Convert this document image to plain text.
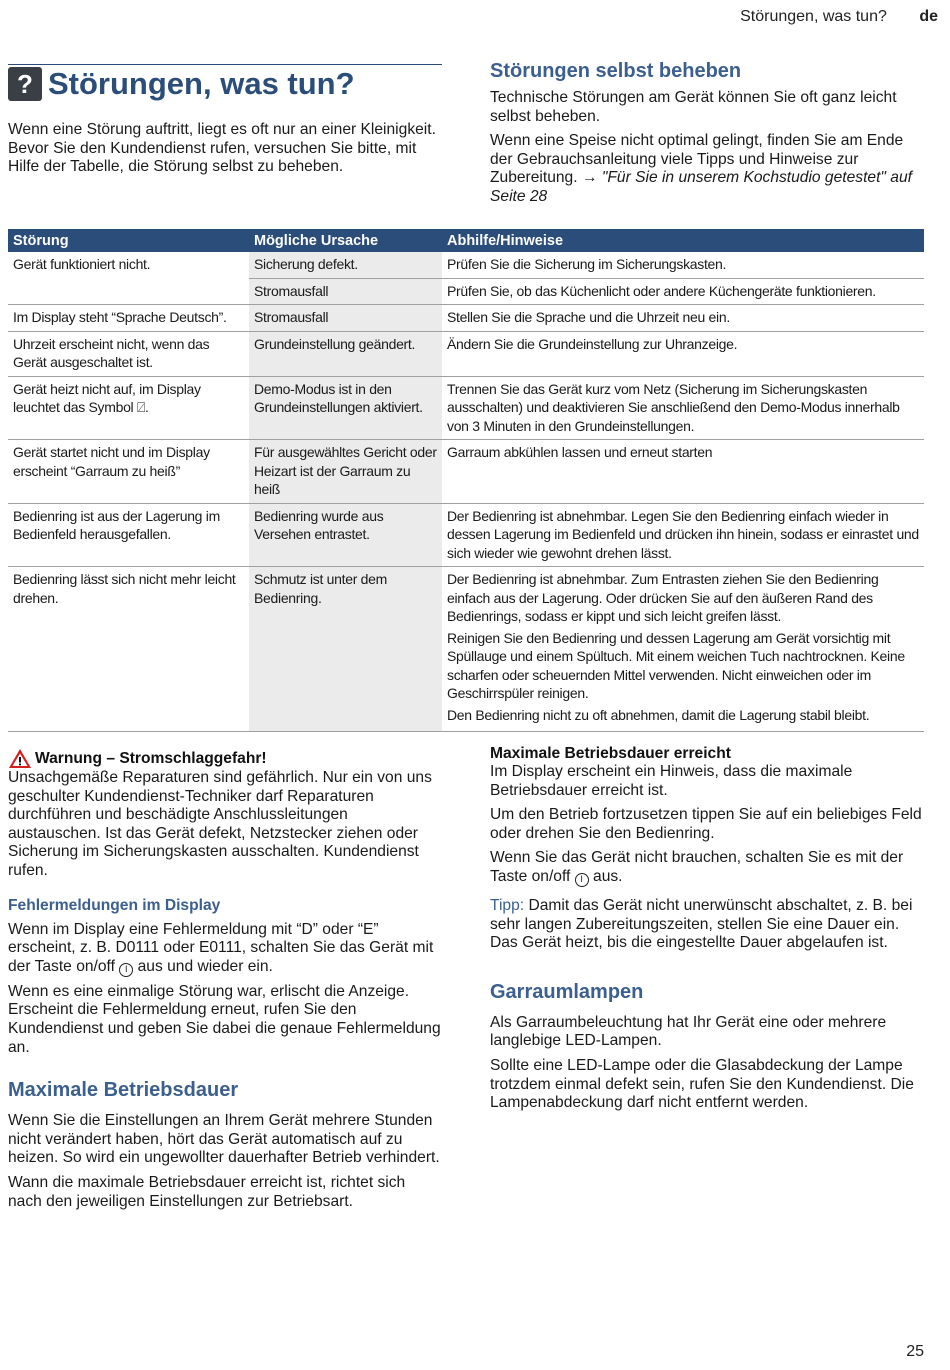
Störungen, was tun? de
? Störungen, was tun?

Wenn eine Störung auftritt, liegt es oft nur an einer Kleinigkeit. Bevor Sie den Kundendienst rufen, versuchen Sie bitte, mit Hilfe der Tabelle, die Störung selbst zu beheben.

Störungen selbst beheben

Technische Störungen am Gerät können Sie oft ganz leicht selbst beheben.

Wenn eine Speise nicht optimal gelingt, finden Sie am Ende der Gebrauchsanleitung viele Tipps und Hinweise zur Zubereitung. → "Für Sie in unserem Kochstudio getestet" auf Seite 28

Störung	Mögliche Ursache	Abhilfe/Hinweise
Gerät funktioniert nicht.	Sicherung defekt.	Prüfen Sie die Sicherung im Sicherungskasten.
	Stromausfall	Prüfen Sie, ob das Küchenlicht oder andere Küchengeräte funktionieren.
Im Display steht “Sprache Deutsch”.	Stromausfall	Stellen Sie die Sprache und die Uhrzeit neu ein.
Uhrzeit erscheint nicht, wenn das Gerät ausgeschaltet ist.	Grundeinstellung geändert.	Ändern Sie die Grundeinstellung zur Uhranzeige.
Gerät heizt nicht auf, im Display leuchtet das Symbol ⍁.	Demo-Modus ist in den Grundeinstellungen aktiviert.	Trennen Sie das Gerät kurz vom Netz (Sicherung im Sicherungskasten ausschalten) und deaktivieren Sie anschließend den Demo-Modus innerhalb von 3 Minuten in den Grundeinstellungen.
Gerät startet nicht und im Display erscheint “Garraum zu heiß”	Für ausgewähltes Gericht oder Heizart ist der Garraum zu heiß	Garraum abkühlen lassen und erneut starten
Bedienring ist aus der Lagerung im Bedienfeld herausgefallen.	Bedienring wurde aus Versehen entrastet.	Der Bedienring ist abnehmbar. Legen Sie den Bedienring einfach wieder in dessen Lagerung im Bedienfeld und drücken ihn hinein, sodass er einrastet und sich wieder wie gewohnt drehen lässt.
Bedienring lässt sich nicht mehr leicht drehen.	Schmutz ist unter dem Bedienring.	Der Bedienring ist abnehmbar. Zum Entrasten ziehen Sie den Bedienring einfach aus der Lagerung. Oder drücken Sie auf den äußeren Rand des Bedienrings, sodass er kippt und sich leicht greifen lässt.

Reinigen Sie den Bedienring und dessen Lagerung am Gerät vorsichtig mit Spüllauge und einem Spültuch. Mit einem weichen Tuch nachtrocknen. Keine scharfen oder scheuernden Mittel verwenden. Nicht einweichen oder im Geschirrspüler reinigen.

Den Bedienring nicht zu oft abnehmen, damit die Lagerung stabil bleibt.

Warnung – Stromschlaggefahr!

Unsachgemäße Reparaturen sind gefährlich. Nur ein von uns geschulter Kundendienst-Techniker darf Reparaturen durchführen und beschädigte Anschlussleitungen austauschen. Ist das Gerät defekt, Netzstecker ziehen oder Sicherung im Sicherungskasten ausschalten. Kundendienst rufen.

Fehlermeldungen im Display

Wenn im Display eine Fehlermeldung mit “D” oder “E” erscheint, z. B. D0111 oder E0111, schalten Sie das Gerät mit der Taste on/off I aus und wieder ein.

Wenn es eine einmalige Störung war, erlischt die Anzeige. Erscheint die Fehlermeldung erneut, rufen Sie den Kundendienst und geben Sie dabei die genaue Fehlermeldung an.

Maximale Betriebsdauer

Wenn Sie die Einstellungen an Ihrem Gerät mehrere Stunden nicht verändert haben, hört das Gerät automatisch auf zu heizen. So wird ein ungewollter dauerhafter Betrieb verhindert.

Wann die maximale Betriebsdauer erreicht ist, richtet sich nach den jeweiligen Einstellungen zur Betriebsart.

Maximale Betriebsdauer erreicht

Im Display erscheint ein Hinweis, dass die maximale Betriebsdauer erreicht ist.

Um den Betrieb fortzusetzen tippen Sie auf ein beliebiges Feld oder drehen Sie den Bedienring.

Wenn Sie das Gerät nicht brauchen, schalten Sie es mit der Taste on/off I aus.

Tipp: Damit das Gerät nicht unerwünscht abschaltet, z. B. bei sehr langen Zubereitungszeiten, stellen Sie eine Dauer ein. Das Gerät heizt, bis die eingestellte Dauer abgelaufen ist.

Garraumlampen

Als Garraumbeleuchtung hat Ihr Gerät eine oder mehrere langlebige LED-Lampen.

Sollte eine LED-Lampe oder die Glasabdeckung der Lampe trotzdem einmal defekt sein, rufen Sie den Kundendienst. Die Lampenabdeckung darf nicht entfernt werden.

25
